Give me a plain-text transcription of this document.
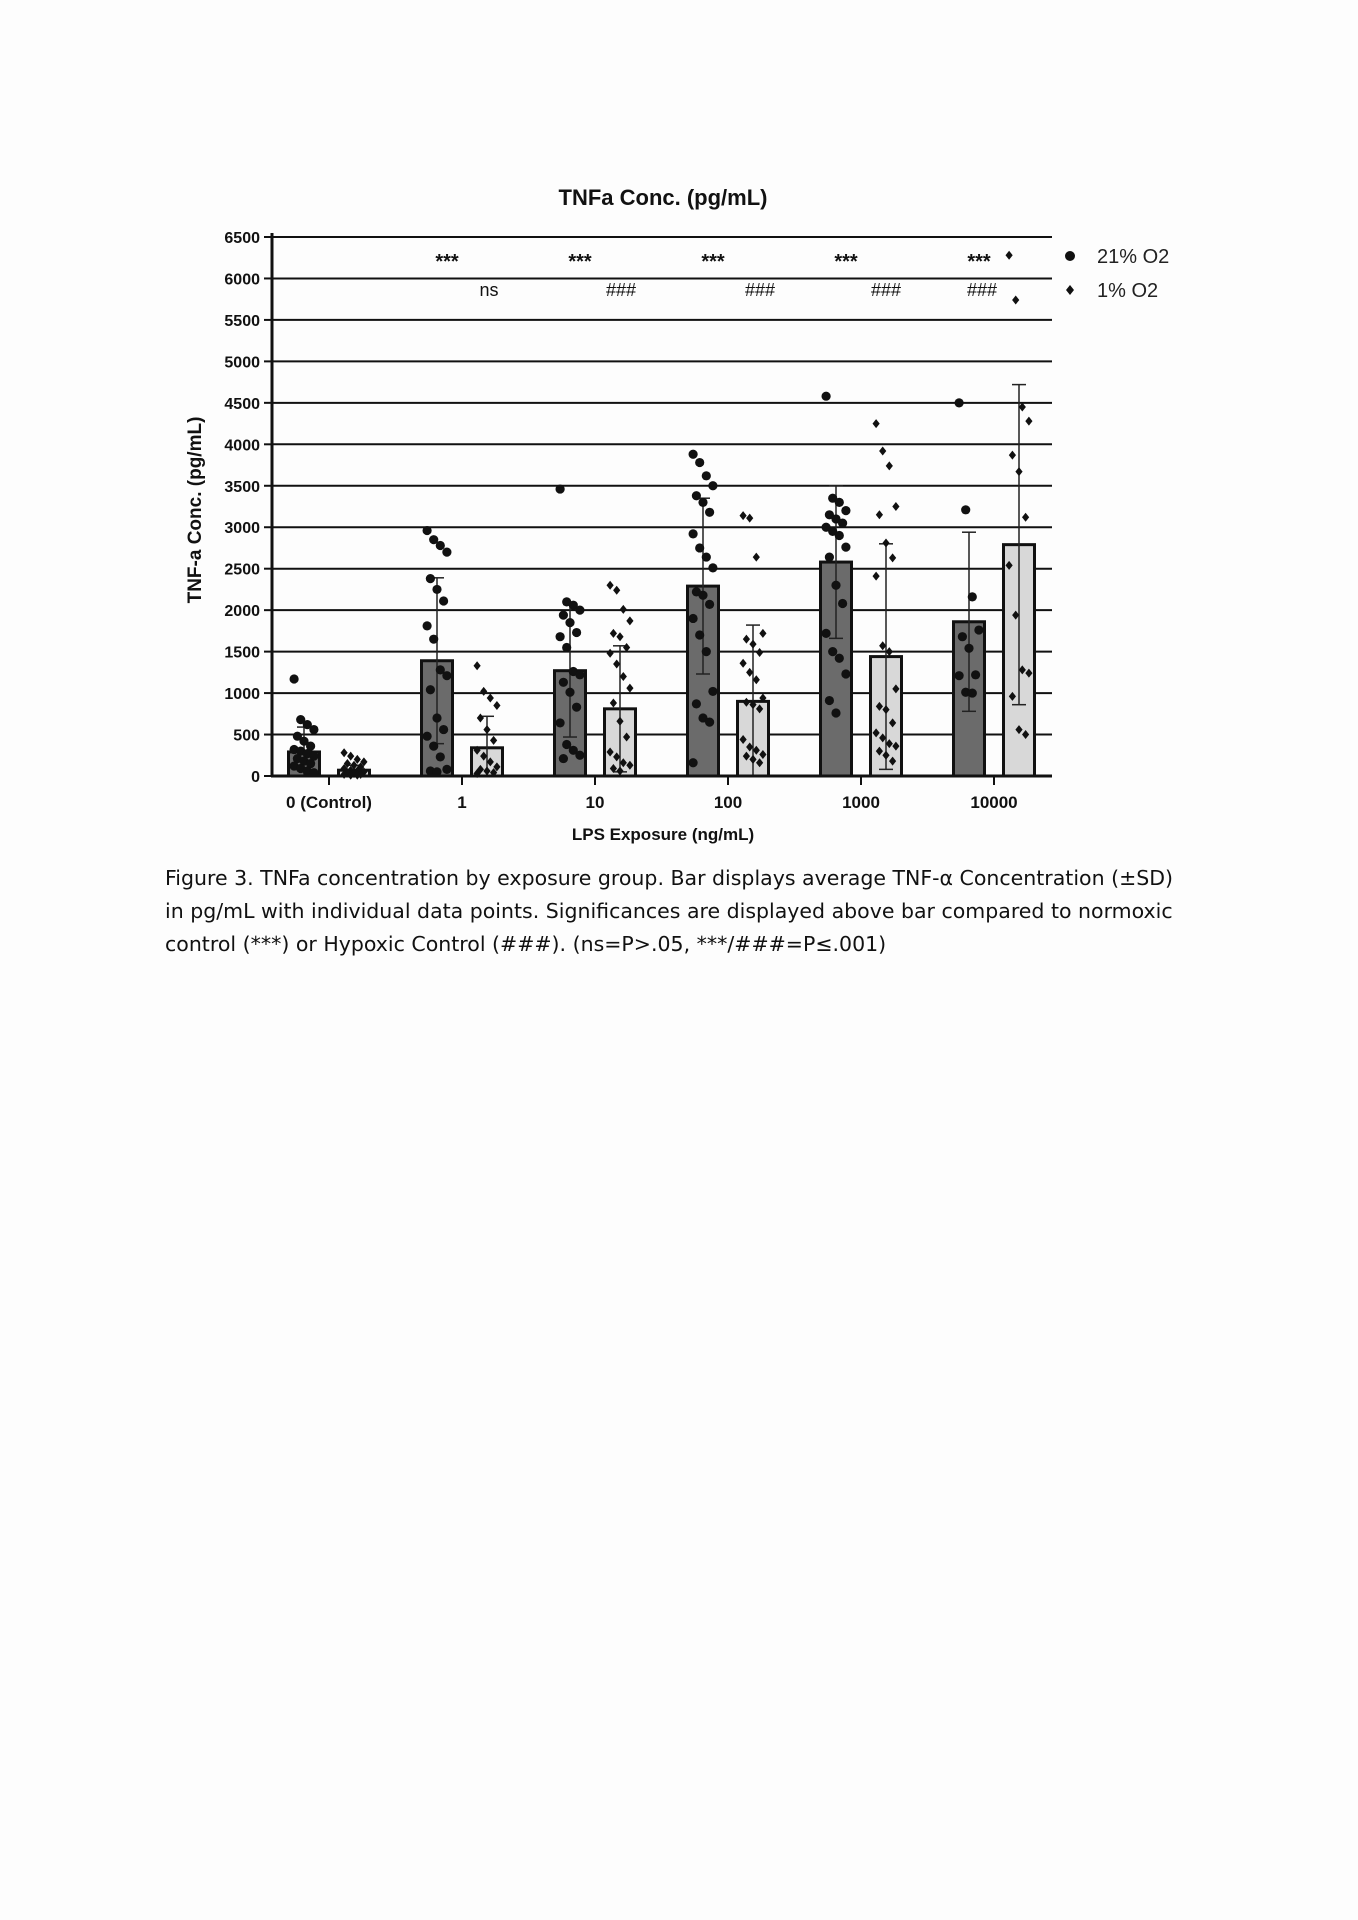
0
500
1000
1500
2000
2500
3000
3500
4000
4500
5000
5500
6000
6500
0 (Control)	1	10	100	1000	10000
TNFa Conc. (pg/mL)
LPS Exposure (ng/mL)
TNF-a Conc. (pg/mL)
***	***	***	***	***
ns	###	###	###	###
21% O2
1% O2
Figure 3. TNFa concentration by exposure group. Bar displays average TNF-α Concentration (±SD) in pg/mL with individual data points. Significances are displayed above bar compared to normoxic control (***) or Hypoxic Control (###). (ns=P>.05, ***/###=P≤.001)
